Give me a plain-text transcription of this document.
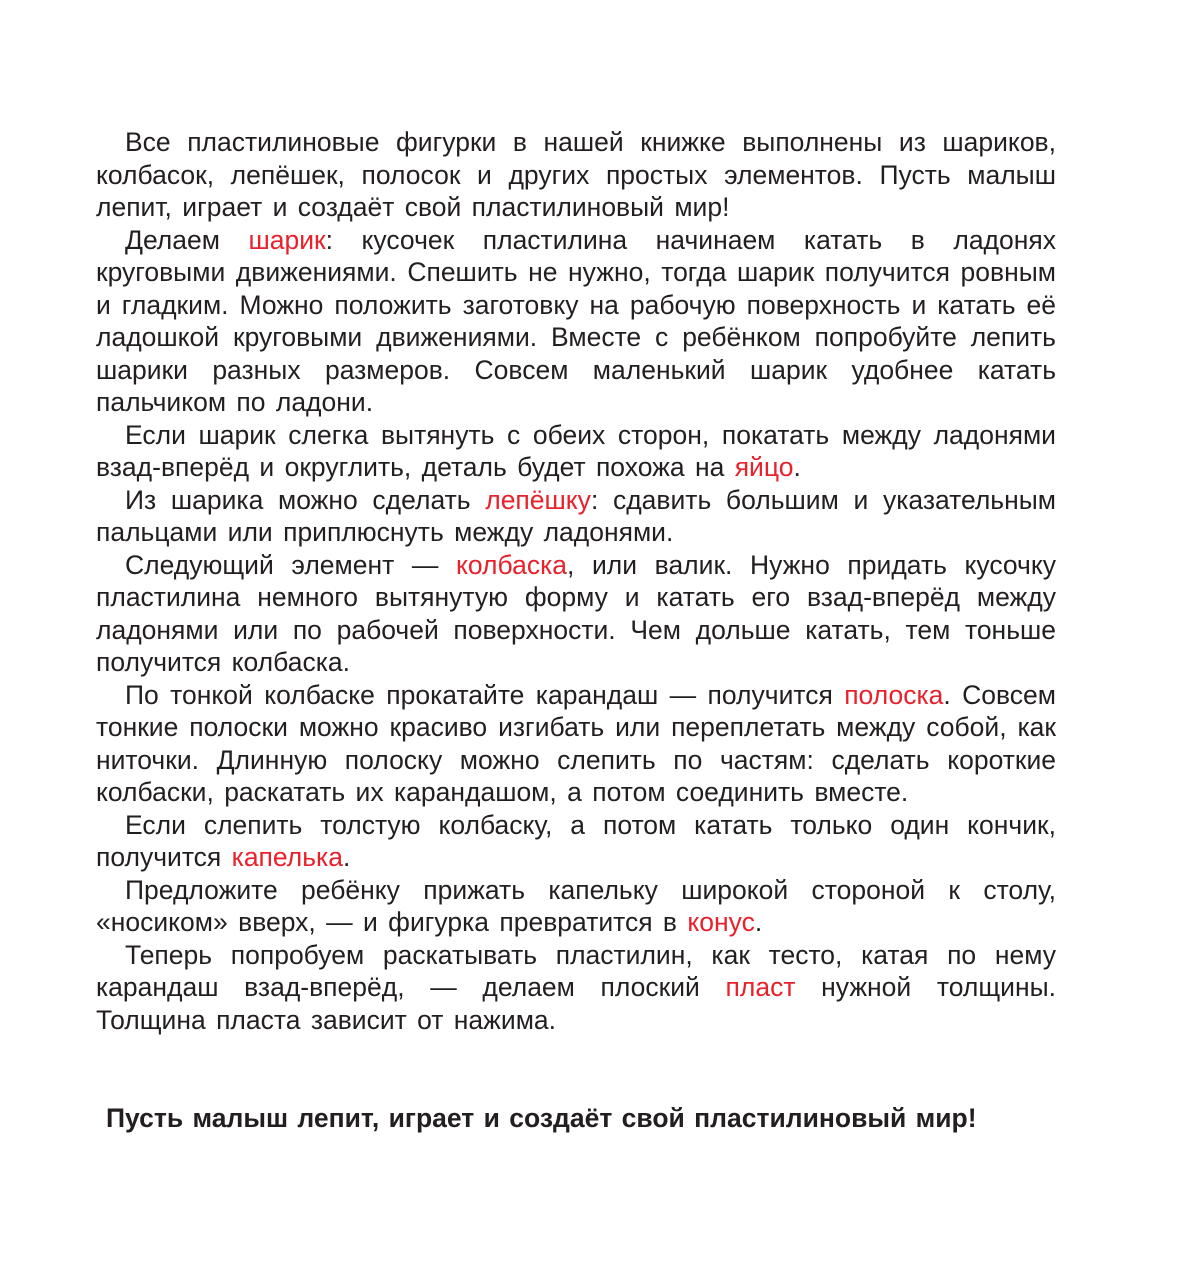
Все пластилиновые фигурки в нашей книжке выполнены из шариков, колбасок, лепёшек, полосок и других простых элементов. Пусть малыш лепит, играет и создаёт свой пластилиновый мир!

Делаем шарик: кусочек пластилина начинаем катать в ладонях круговыми движениями. Спешить не нужно, тогда шарик получится ровным и гладким. Можно положить заготовку на рабочую поверхность и катать её ладошкой круговыми движениями. Вместе с ребёнком попробуйте лепить шарики разных размеров. Совсем маленький шарик удобнее катать пальчиком по ладони.

Если шарик слегка вытянуть с обеих сторон, покатать между ладонями взад-вперёд и округлить, деталь будет похожа на яйцо.

Из шарика можно сделать лепёшку: сдавить большим и указательным пальцами или приплюснуть между ладонями.

Следующий элемент — колбаска, или валик. Нужно придать кусочку пластилина немного вытянутую форму и катать его взад-вперёд между ладонями или по рабочей поверхности. Чем дольше катать, тем тоньше получится колбаска.

По тонкой колбаске прокатайте карандаш — получится полоска. Совсем тонкие полоски можно красиво изгибать или переплетать между собой, как ниточки. Длинную полоску можно слепить по частям: сделать короткие колбаски, раскатать их карандашом, а потом соединить вместе.

Если слепить толстую колбаску, а потом катать только один кончик, получится капелька.

Предложите ребёнку прижать капельку широкой стороной к столу, «носиком» вверх, — и фигурка превратится в конус.

Теперь попробуем раскатывать пластилин, как тесто, катая по нему карандаш взад-вперёд, — делаем плоский пласт нужной толщины. Толщина пласта зависит от нажима.

Пусть малыш лепит, играет и создаёт свой пластилиновый мир!
